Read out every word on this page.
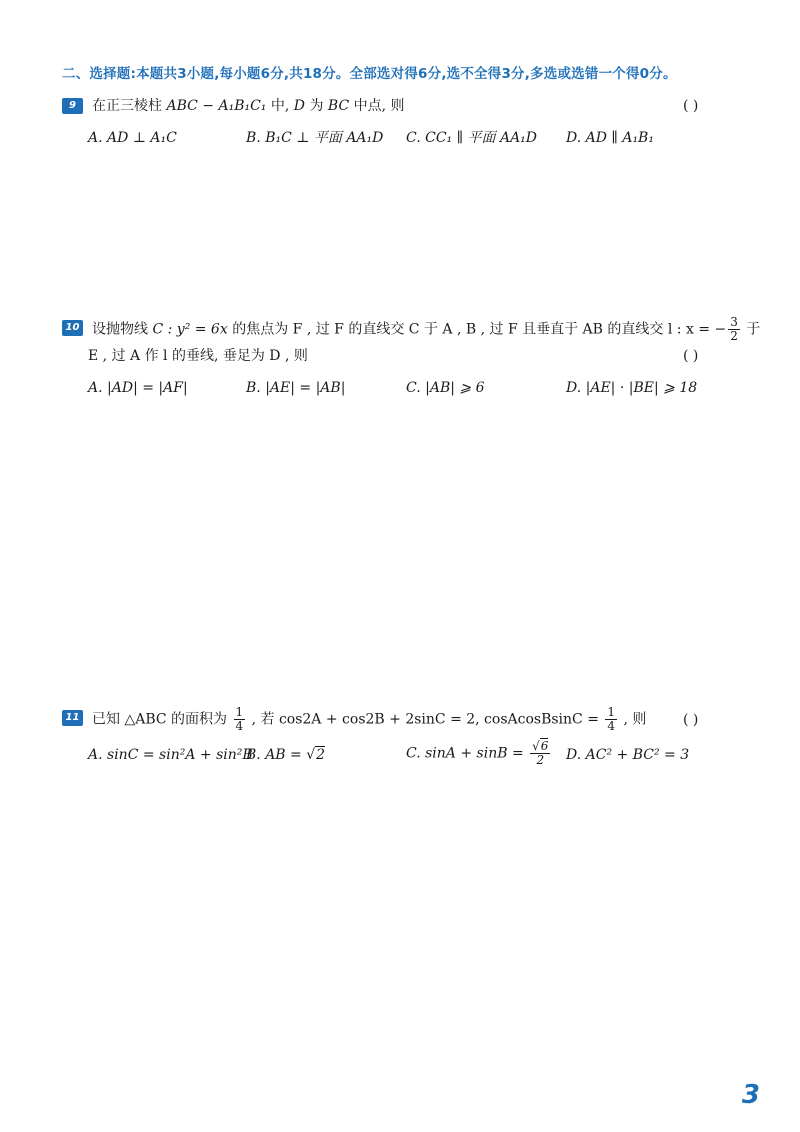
二、选择题:本题共3小题,每小题6分,共18分。全部选对得6分,选不全得3分,多选或选错一个得0分。
9	在正三棱柱 ABC − A₁B₁C₁ 中, D 为 BC 中点, 则	( )
A. AD ⊥ A₁C	B. B₁C ⊥ 平面 AA₁D C. CC₁ ∥ 平面 AA₁D D. AD ∥ A₁B₁
10 设抛物线 C : y² = 6x 的焦点为 F , 过 F 的直线交 C 于 A , B , 过 F 且垂直于 AB 的直线交 l : x = − $\frac{3}{2}$ 于
E , 过 A 作 l 的垂线, 垂足为 D , 则	( )
A. |AD| = |AF|	B. |AE| = |AB|	C. |AB| ⩾ 6	D. |AE| · |BE| ⩾ 18
11 已知 △ABC 的面积为 $\frac{1}{4}$ , 若 cos2A + cos2B + 2sinC = 2, cosAcosBsinC = $\frac{1}{4}$ , 则	( )
A. sinC = sin²A + sin²B
B. AB = √2	C. $\sin A + \sin B = \frac{√6}{2} D$. AC² + BC² = 3
3
